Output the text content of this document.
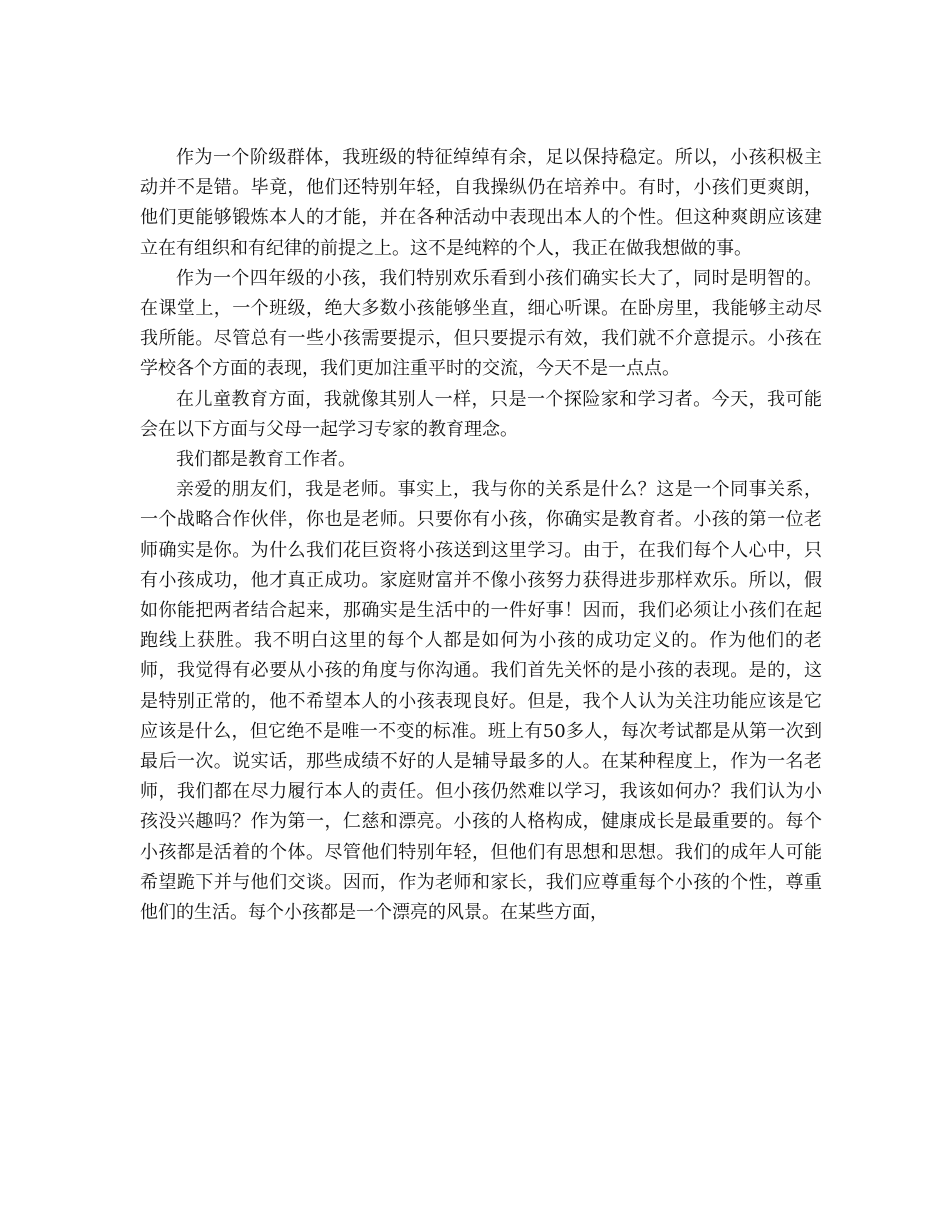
作为一个阶级群体，我班级的特征绰绰有余，足以保持稳定。所以，小孩积极主动并不是错。毕竟，他们还特别年轻，自我操纵仍在培养中。有时，小孩们更爽朗，他们更能够锻炼本人的才能，并在各种活动中表现出本人的个性。但这种爽朗应该建立在有组织和有纪律的前提之上。这不是纯粹的个人，我正在做我想做的事。

作为一个四年级的小孩，我们特别欢乐看到小孩们确实长大了，同时是明智的。在课堂上，一个班级，绝大多数小孩能够坐直，细心听课。在卧房里，我能够主动尽我所能。尽管总有一些小孩需要提示，但只要提示有效，我们就不介意提示。小孩在学校各个方面的表现，我们更加注重平时的交流，今天不是一点点。

在儿童教育方面，我就像其别人一样，只是一个探险家和学习者。今天，我可能会在以下方面与父母一起学习专家的教育理念。

我们都是教育工作者。

亲爱的朋友们，我是老师。事实上，我与你的关系是什么？这是一个同事关系，一个战略合作伙伴，你也是老师。只要你有小孩，你确实是教育者。小孩的第一位老师确实是你。为什么我们花巨资将小孩送到这里学习。由于，在我们每个人心中，只有小孩成功，他才真正成功。家庭财富并不像小孩努力获得进步那样欢乐。所以，假如你能把两者结合起来，那确实是生活中的一件好事！因而，我们必须让小孩们在起跑线上获胜。我不明白这里的每个人都是如何为小孩的成功定义的。作为他们的老师，我觉得有必要从小孩的角度与你沟通。我们首先关怀的是小孩的表现。是的，这是特别正常的，他不希望本人的小孩表现良好。但是，我个人认为关注功能应该是它应该是什么，但它绝不是唯一不变的标准。班上有50多人，每次考试都是从第一次到最后一次。说实话，那些成绩不好的人是辅导最多的人。在某种程度上，作为一名老师，我们都在尽力履行本人的责任。但小孩仍然难以学习，我该如何办？我们认为小孩没兴趣吗？作为第一，仁慈和漂亮。小孩的人格构成，健康成长是最重要的。每个小孩都是活着的个体。尽管他们特别年轻，但他们有思想和思想。我们的成年人可能希望跪下并与他们交谈。因而，作为老师和家长，我们应尊重每个小孩的个性，尊重他们的生活。每个小孩都是一个漂亮的风景。在某些方面，
